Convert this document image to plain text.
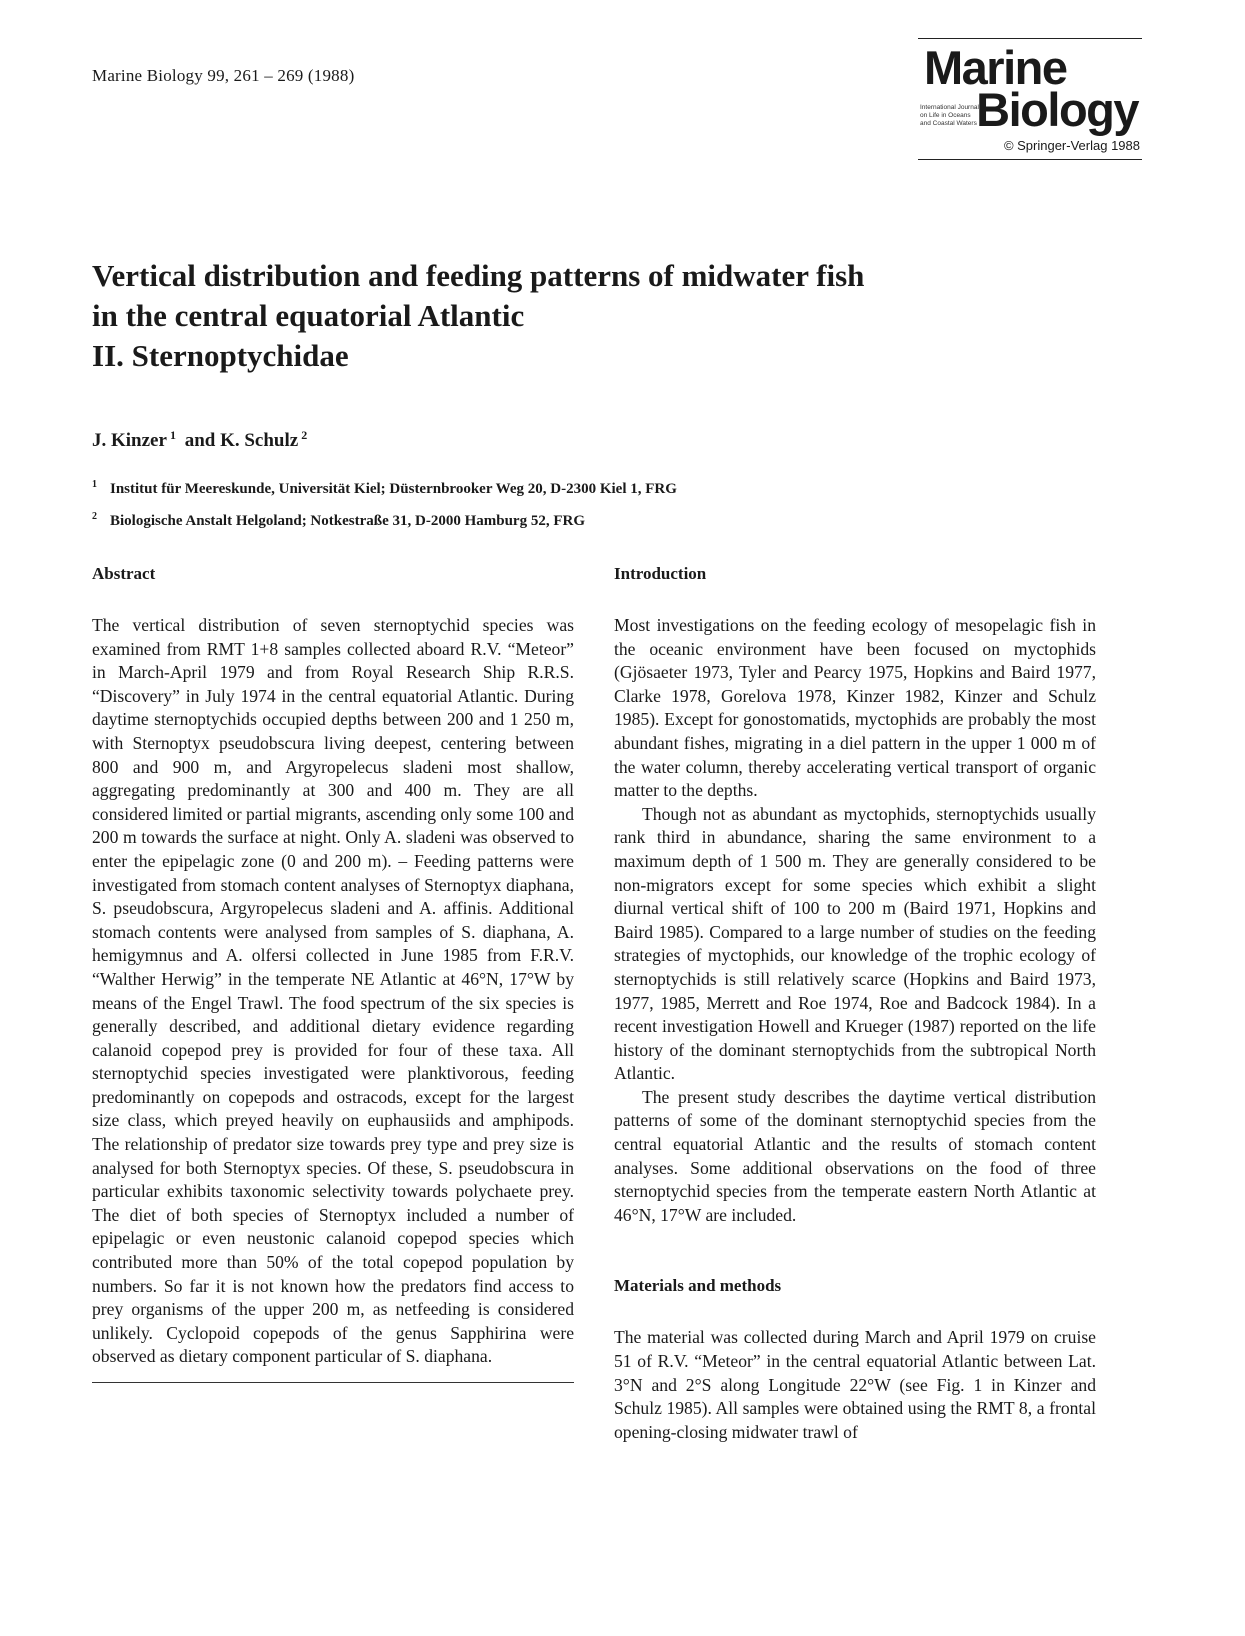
Marine Biology 99, 261 – 269 (1988)	Marine
International Journal
on Life in Oceans
and Coastal Waters Biology
© Springer-Verlag 1988
Vertical distribution and feeding patterns of midwater fish
in the central equatorial Atlantic
II. Sternoptychidae
J. Kinzer $^1$ and K. Schulz $^2$
$^1$ Institut für Meereskunde, Universität Kiel; Düsternbrooker Weg 20, D-2300 Kiel 1, FRG
$^2$ Biologische Anstalt Helgoland; Notkestraße 31, D-2000 Hamburg 52, FRG
Abstract

The vertical distribution of seven sternoptychid species was examined from RMT 1+8 samples collected aboard R.V. “Meteor” in March-April 1979 and from Royal Research Ship R.R.S. “Discovery” in July 1974 in the central equatorial Atlantic. During daytime sternoptychids occupied depths between 200 and 1 250 m, with Sternoptyx pseudobscura living deepest, centering between 800 and 900 m, and Argyropelecus sladeni most shallow, aggregating predominantly at 300 and 400 m. They are all considered limited or partial migrants, ascending only some 100 and 200 m towards the surface at night. Only A. sladeni was observed to enter the epipelagic zone (0 and 200 m). – Feeding patterns were investigated from stomach content analyses of Sternoptyx diaphana, S. pseudobscura, Argyropelecus sladeni and A. affinis. Additional stomach contents were analysed from samples of S. diaphana, A. hemigymnus and A. olfersi collected in June 1985 from F.R.V. “Walther Herwig” in the temperate NE Atlantic at 46°N, 17°W by means of the Engel Trawl. The food spectrum of the six species is generally described, and additional dietary evidence regarding calanoid copepod prey is provided for four of these taxa. All sternoptychid species investigated were planktivorous, feeding predominantly on copepods and ostracods, except for the largest size class, which preyed heavily on euphausiids and amphipods. The relationship of predator size towards prey type and prey size is analysed for both Sternoptyx species. Of these, S. pseudobscura in particular exhibits taxonomic selectivity towards polychaete prey. The diet of both species of Sternoptyx included a number of epipelagic or even neustonic calanoid copepod species which contributed more than 50% of the total copepod population by numbers. So far it is not known how the predators find access to prey organisms of the upper 200 m, as netfeeding is considered unlikely. Cyclopoid copepods of the genus Sapphirina were observed as dietary component particular of S. diaphana.

Introduction

Most investigations on the feeding ecology of mesopelagic fish in the oceanic environment have been focused on myctophids (Gjösaeter 1973, Tyler and Pearcy 1975, Hopkins and Baird 1977, Clarke 1978, Gorelova 1978, Kinzer 1982, Kinzer and Schulz 1985). Except for gonostomatids, myctophids are probably the most abundant fishes, migrating in a diel pattern in the upper 1 000 m of the water column, thereby accelerating vertical transport of organic matter to the depths.

Though not as abundant as myctophids, sternoptychids usually rank third in abundance, sharing the same environment to a maximum depth of 1 500 m. They are generally considered to be non-migrators except for some species which exhibit a slight diurnal vertical shift of 100 to 200 m (Baird 1971, Hopkins and Baird 1985). Compared to a large number of studies on the feeding strategies of myctophids, our knowledge of the trophic ecology of sternoptychids is still relatively scarce (Hopkins and Baird 1973, 1977, 1985, Merrett and Roe 1974, Roe and Badcock 1984). In a recent investigation Howell and Krueger (1987) reported on the life history of the dominant sternoptychids from the subtropical North Atlantic.

The present study describes the daytime vertical distribution patterns of some of the dominant sternoptychid species from the central equatorial Atlantic and the results of stomach content analyses. Some additional observations on the food of three sternoptychid species from the temperate eastern North Atlantic at 46°N, 17°W are included.

Materials and methods

The material was collected during March and April 1979 on cruise 51 of R.V. “Meteor” in the central equatorial Atlantic between Lat. 3°N and 2°S along Longitude 22°W (see Fig. 1 in Kinzer and Schulz 1985). All samples were obtained using the RMT 8, a frontal opening-closing midwater trawl of
